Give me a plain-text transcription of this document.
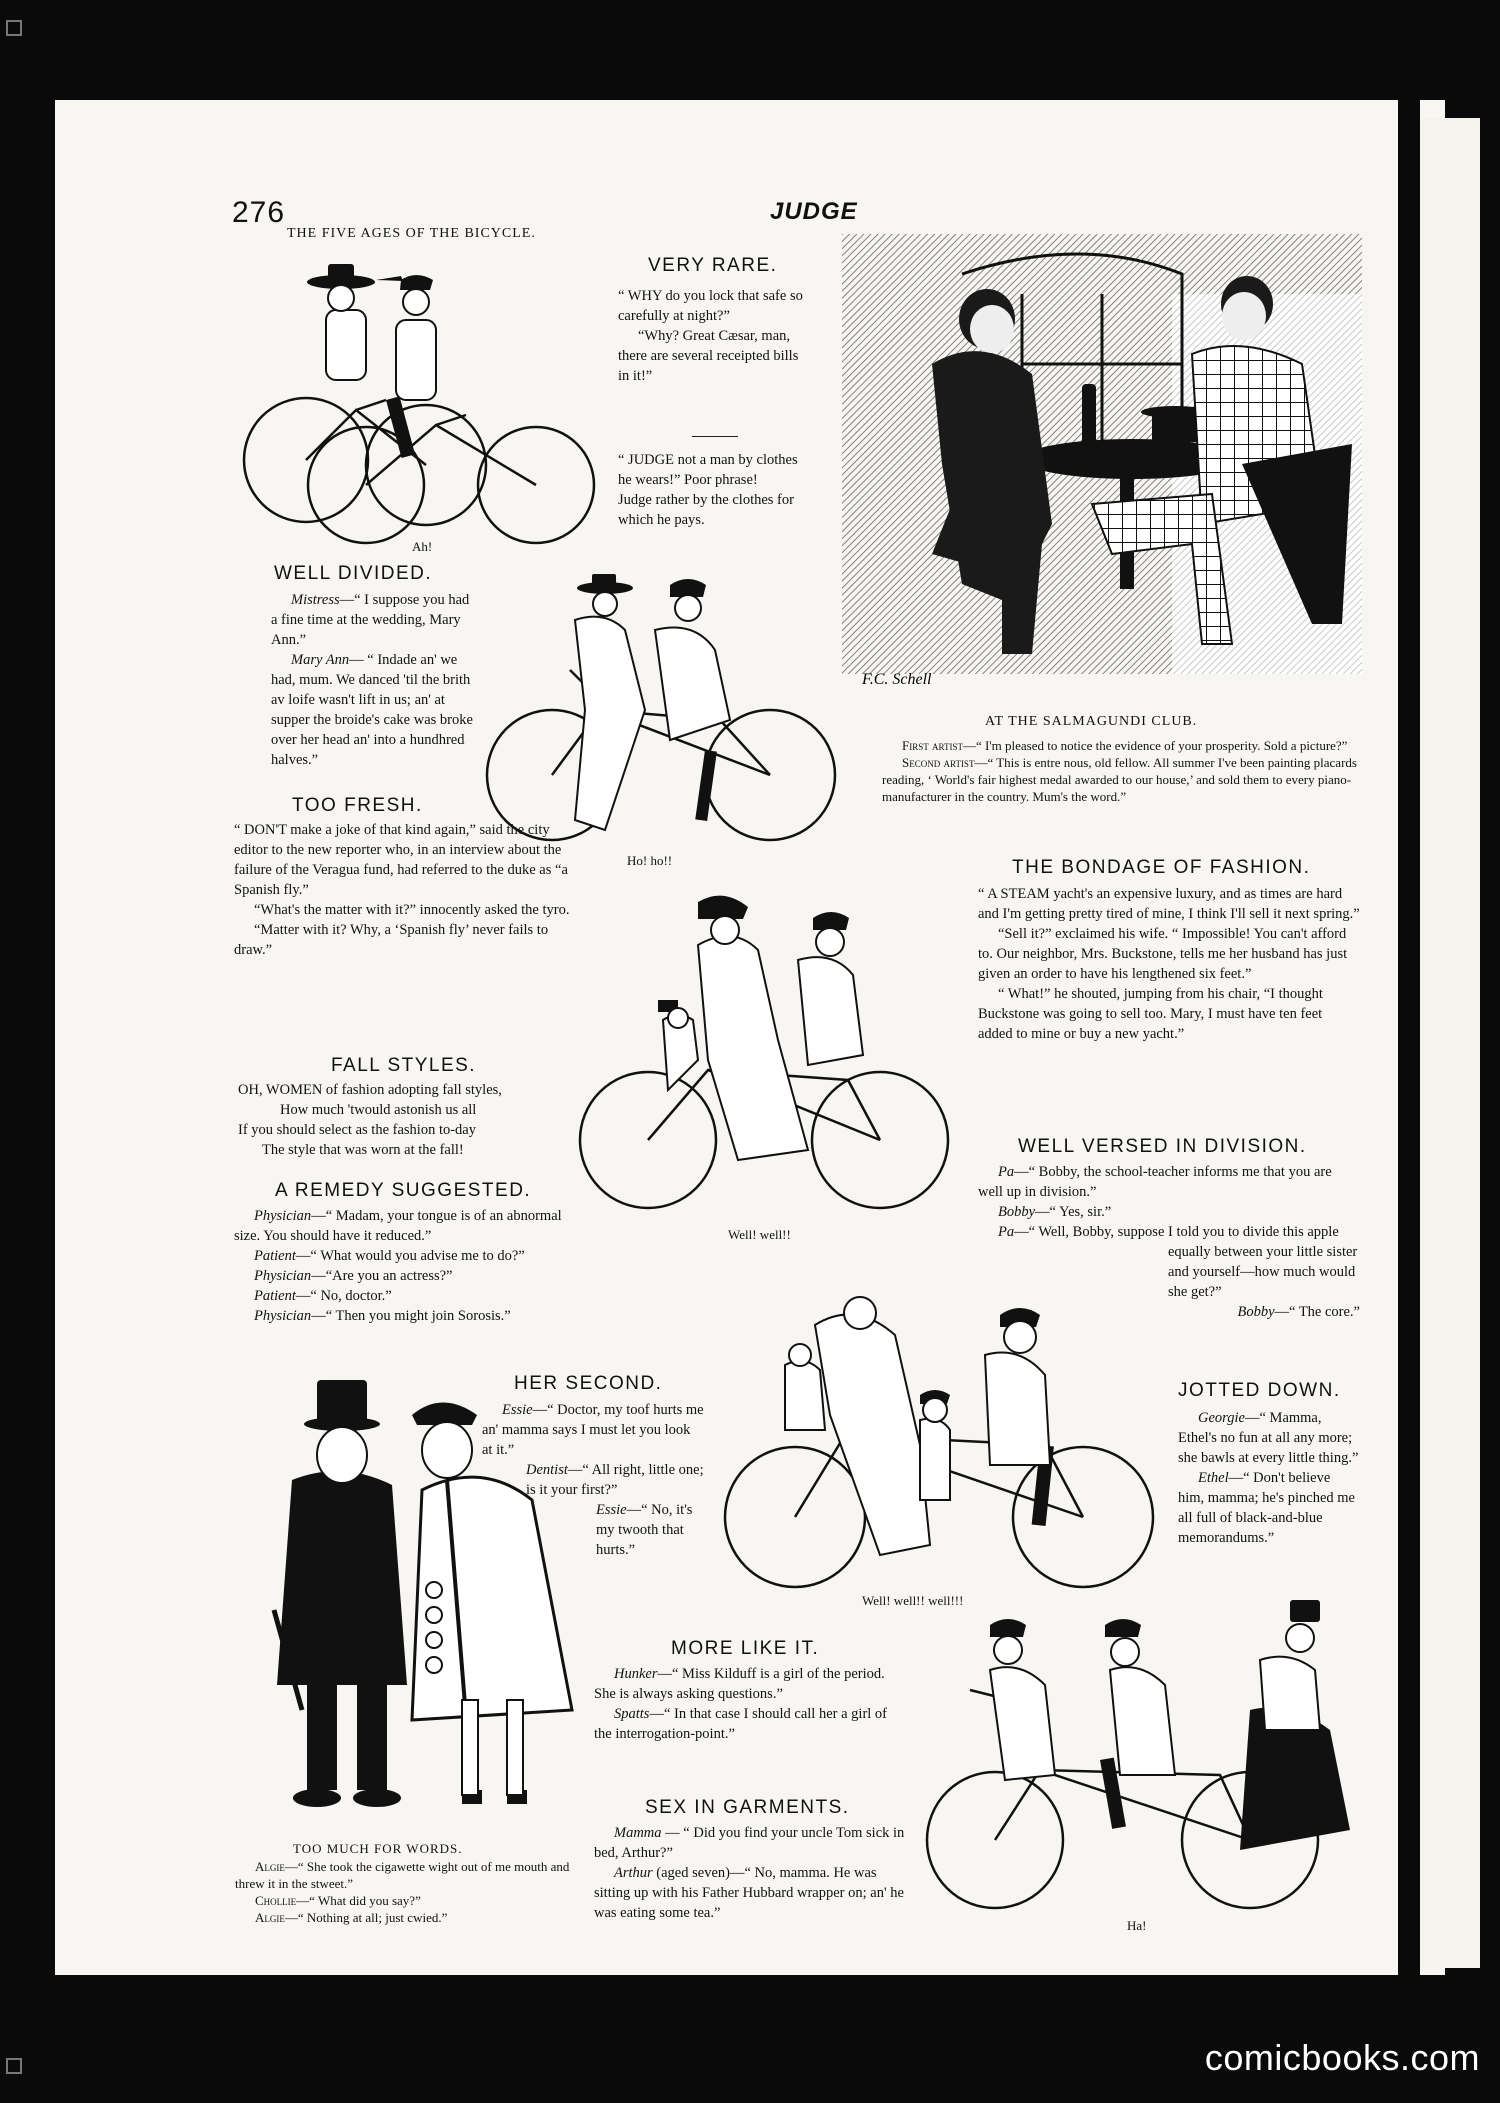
276	JUDGE
THE FIVE AGES OF THE BICYCLE.
Ah!
VERY RARE.

“ WHY do you lock that safe so carefully at night?”

“Why? Great Cæsar, man, there are several receipted bills in it!”

“ JUDGE not a man by clothes he wears!” Poor phrase!

Judge rather by the clothes for which he pays.

F.C. Schell
AT THE SALMAGUNDI CLUB.

First artist—“ I'm pleased to notice the evidence of your prosperity. Sold a picture?”

Second artist—“ This is entre nous, old fellow. All summer I've been painting placards reading, ‘ World's fair highest medal awarded to our house,’ and sold them to every piano-manufacturer in the country. Mum's the word.”

WELL DIVIDED.

Mistress—“ I suppose you had a fine time at the wedding, Mary Ann.”

Mary Ann— “ Indade an' we had, mum. We danced 'til the brith av loife wasn't lift in us; an' at supper the broide's cake was broke over her head an' into a hundhred halves.”

Ho! ho!!
TOO FRESH.

“ DON'T make a joke of that kind again,” said the city editor to the new reporter who, in an interview about the failure of the Veragua fund, had referred to the duke as “a Spanish fly.”

“What's the matter with it?” innocently asked the tyro.

“Matter with it? Why, a ‘Spanish fly’ never fails to draw.”

FALL STYLES.

OH, WOMEN of fashion adopting fall styles,

How much 'twould astonish us all

If you should select as the fashion to-day

The style that was worn at the fall!

Well! well!!
THE BONDAGE OF FASHION.

“ A STEAM yacht's an expensive luxury, and as times are hard and I'm getting pretty tired of mine, I think I'll sell it next spring.”

“Sell it?” exclaimed his wife. “ Impossible! You can't afford to. Our neighbor, Mrs. Buckstone, tells me her husband has just given an order to have his lengthened six feet.”

“ What!” he shouted, jumping from his chair, “I thought Buckstone was going to sell too. Mary, I must have ten feet added to mine or buy a new yacht.”

A REMEDY SUGGESTED.

Physician—“ Madam, your tongue is of an abnormal size. You should have it reduced.”

Patient—“ What would you advise me to do?”

Physician—“Are you an actress?”

Patient—“ No, doctor.”

Physician—“ Then you might join Sorosis.”

WELL VERSED IN DIVISION.

Pa—“ Bobby, the school-teacher informs me that you are well up in division.”

Bobby—“ Yes, sir.”

Pa—“ Well, Bobby, suppose I told you to divide this apple equally between your little sister and yourself—how much would she get?”

Bobby—“ The core.”

TOO MUCH FOR WORDS.

Algie—“ She took the cigawette wight out of me mouth and threw it in the stweet.”

Chollie—“ What did you say?”

Algie—“ Nothing at all; just cwied.”

HER SECOND.

Essie—“ Doctor, my toof hurts me an' mamma says I must let you look at it.”

Dentist—“ All right, little one; is it your first?”

Essie—“ No, it's my twooth that hurts.”

Well! well!! well!!!
JOTTED DOWN.

Georgie—“ Mamma, Ethel's no fun at all any more; she bawls at every little thing.”

Ethel—“ Don't believe him, mamma; he's pinched me all full of black-and-blue memorandums.”

MORE LIKE IT.

Hunker—“ Miss Kilduff is a girl of the period. She is always asking questions.”

Spatts—“ In that case I should call her a girl of the interrogation-point.”

SEX IN GARMENTS.

Mamma — “ Did you find your uncle Tom sick in bed, Arthur?”

Arthur (aged seven)—“ No, mamma. He was sitting up with his Father Hubbard wrapper on; an' he was eating some tea.”

Ha!
comicbooks.com
